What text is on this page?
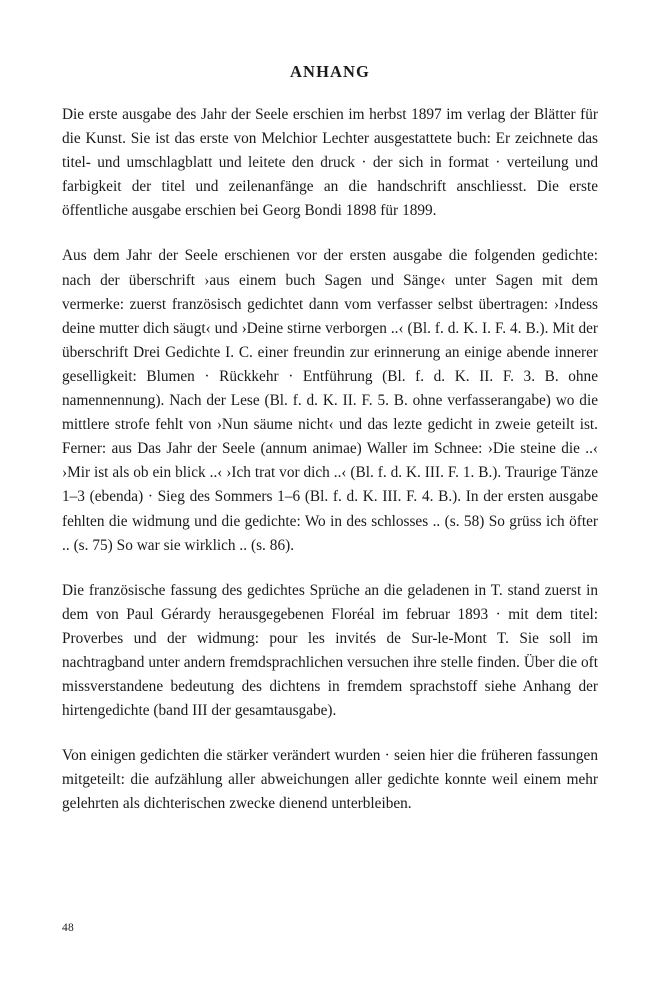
ANHANG

Die erste ausgabe des Jahr der Seele erschien im herbst 1897 im verlag der Blätter für die Kunst. Sie ist das erste von Melchior Lechter ausgestattete buch: Er zeichnete das titel- und umschlagblatt und leitete den druck · der sich in format · verteilung und farbigkeit der titel und zeilenanfänge an die handschrift anschliesst. Die erste öffentliche ausgabe erschien bei Georg Bondi 1898 für 1899.

Aus dem Jahr der Seele erschienen vor der ersten ausgabe die folgenden gedichte: nach der überschrift ›aus einem buch Sagen und Sänge‹ unter Sagen mit dem vermerke: zuerst französisch gedichtet dann vom verfasser selbst übertragen: ›Indess deine mutter dich säugt‹ und ›Deine stirne verborgen ..‹ (Bl. f. d. K. I. F. 4. B.). Mit der überschrift Drei Gedichte I. C. einer freundin zur erinnerung an einige abende innerer geselligkeit: Blumen · Rückkehr · Entführung (Bl. f. d. K. II. F. 3. B. ohne namennennung). Nach der Lese (Bl. f. d. K. II. F. 5. B. ohne verfasserangabe) wo die mittlere strofe fehlt von ›Nun säume nicht‹ und das lezte gedicht in zweie geteilt ist. Ferner: aus Das Jahr der Seele (annum animae) Waller im Schnee: ›Die steine die ..‹ ›Mir ist als ob ein blick ..‹ ›Ich trat vor dich ..‹ (Bl. f. d. K. III. F. 1. B.). Traurige Tänze 1–3 (ebenda) · Sieg des Sommers 1–6 (Bl. f. d. K. III. F. 4. B.). In der ersten ausgabe fehlten die widmung und die gedichte: Wo in des schlosses .. (s. 58) So grüss ich öfter .. (s. 75) So war sie wirklich .. (s. 86).

Die französische fassung des gedichtes Sprüche an die geladenen in T. stand zuerst in dem von Paul Gérardy herausgegebenen Floréal im februar 1893 · mit dem titel: Proverbes und der widmung: pour les invités de Sur-le-Mont T. Sie soll im nachtragband unter andern fremdsprachlichen versuchen ihre stelle finden. Über die oft missverstandene bedeutung des dichtens in fremdem sprachstoff siehe Anhang der hirtengedichte (band III der gesamtausgabe).

Von einigen gedichten die stärker verändert wurden · seien hier die früheren fassungen mitgeteilt: die aufzählung aller abweichungen aller gedichte konnte weil einem mehr gelehrten als dichterischen zwecke dienend unterbleiben.

48
